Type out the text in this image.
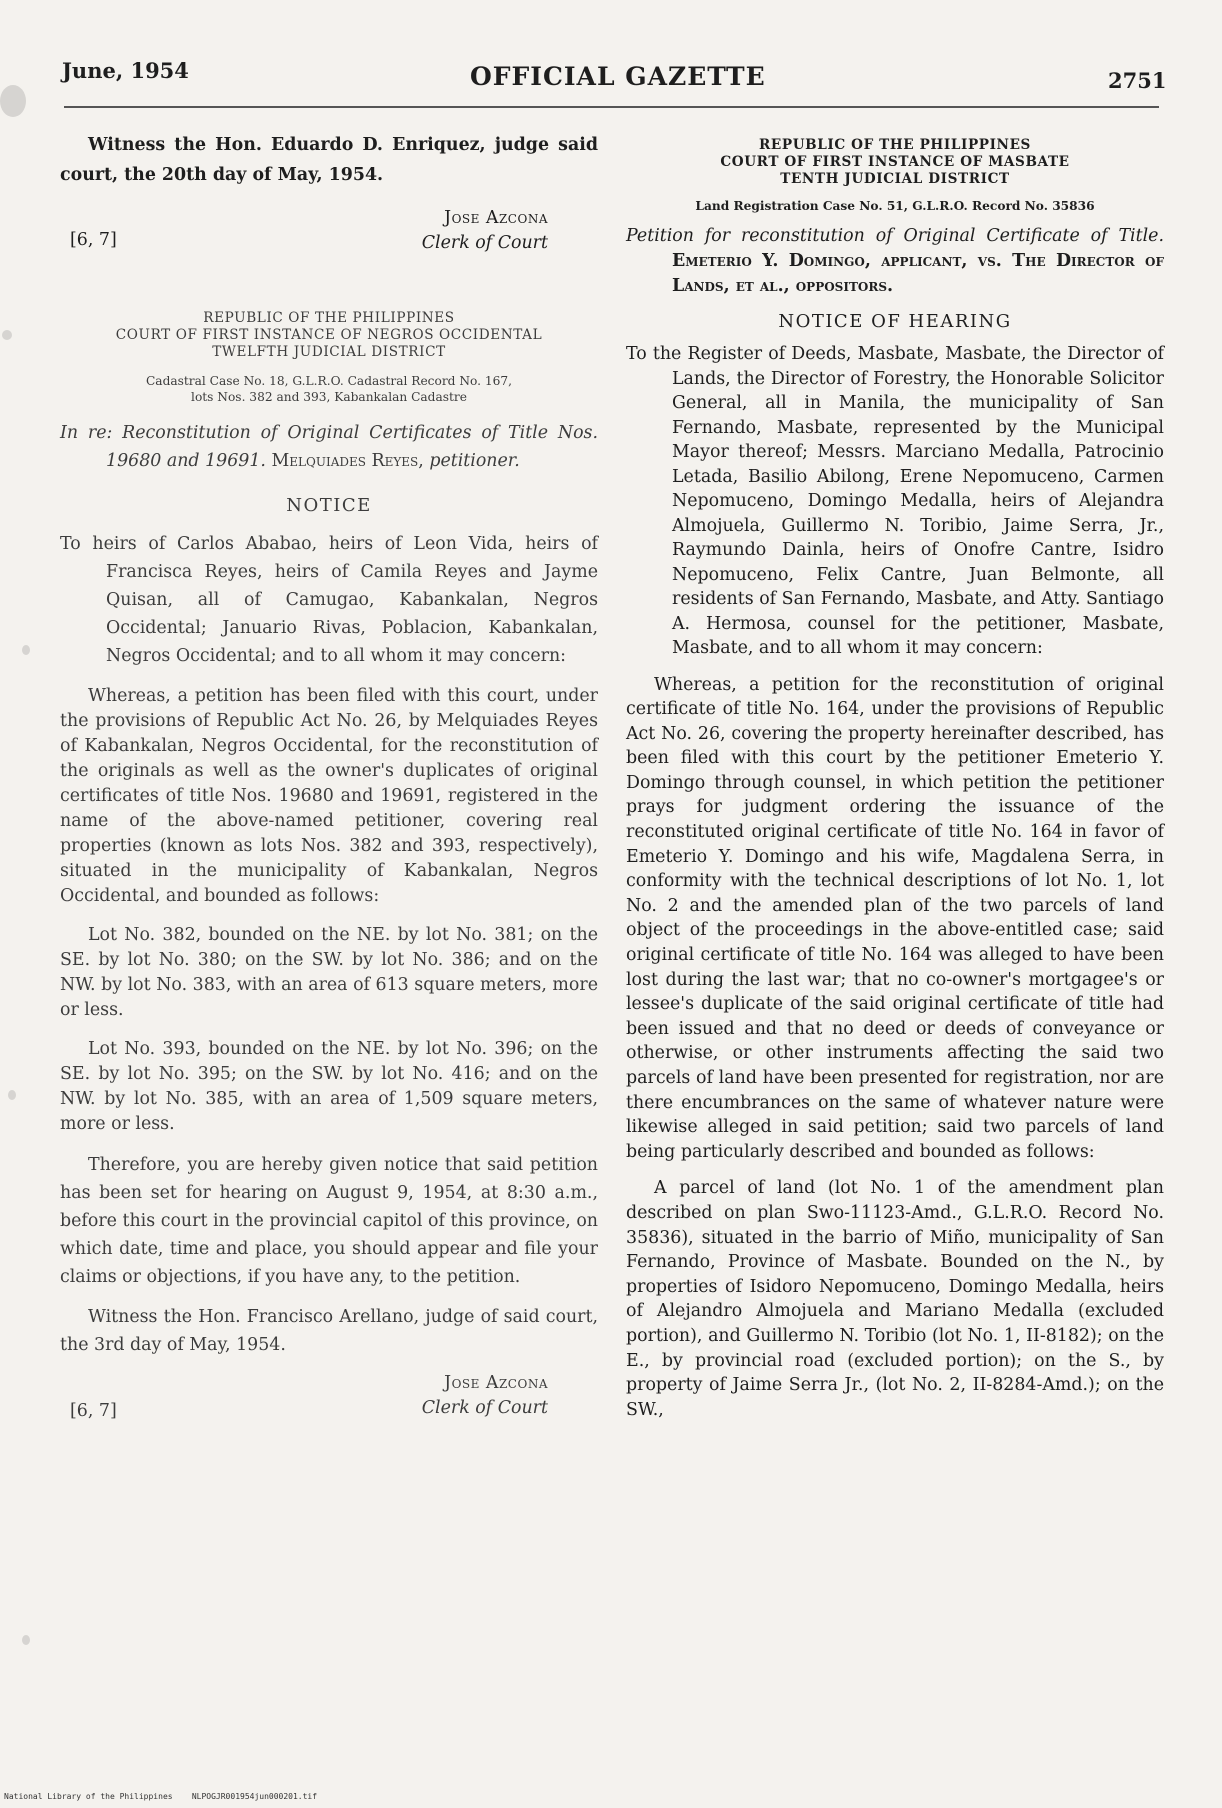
June, 1954	OFFICIAL GAZETTE	2751

Witness the Hon. Eduardo D. Enriquez, judge said court, the 20th day of May, 1954.

[6, 7]
Jose Azcona
Clerk of Court
REPUBLIC OF THE PHILIPPINES
COURT OF FIRST INSTANCE OF NEGROS OCCIDENTAL
TWELFTH JUDICIAL DISTRICT
Cadastral Case No. 18, G.L.R.O. Cadastral Record No. 167,
lots Nos. 382 and 393, Kabankalan Cadastre

In re: Reconstitution of Original Certificates of Title Nos. 19680 and 19691. Melquiades Reyes, petitioner.

NOTICE

To heirs of Carlos Ababao, heirs of Leon Vida, heirs of Francisca Reyes, heirs of Camila Reyes and Jayme Quisan, all of Camugao, Kabankalan, Negros Occidental; Januario Rivas, Poblacion, Kabankalan, Negros Occidental; and to all whom it may concern:

Whereas, a petition has been filed with this court, under the provisions of Republic Act No. 26, by Melquiades Reyes of Kabankalan, Negros Occidental, for the reconstitution of the originals as well as the owner's duplicates of original certificates of title Nos. 19680 and 19691, registered in the name of the above-named petitioner, covering real properties (known as lots Nos. 382 and 393, respectively), situated in the municipality of Kabankalan, Negros Occidental, and bounded as follows:

Lot No. 382, bounded on the NE. by lot No. 381; on the SE. by lot No. 380; on the SW. by lot No. 386; and on the NW. by lot No. 383, with an area of 613 square meters, more or less.

Lot No. 393, bounded on the NE. by lot No. 396; on the SE. by lot No. 395; on the SW. by lot No. 416; and on the NW. by lot No. 385, with an area of 1,509 square meters, more or less.

Therefore, you are hereby given notice that said petition has been set for hearing on August 9, 1954, at 8:30 a.m., before this court in the provincial capitol of this province, on which date, time and place, you should appear and file your claims or objections, if you have any, to the petition.

Witness the Hon. Francisco Arellano, judge of said court, the 3rd day of May, 1954.

[6, 7]
Jose Azcona
Clerk of Court
REPUBLIC OF THE PHILIPPINES
COURT OF FIRST INSTANCE OF MASBATE
TENTH JUDICIAL DISTRICT
Land Registration Case No. 51, G.L.R.O. Record No. 35836

Petition for reconstitution of Original Certificate of Title. Emeterio Y. Domingo, applicant, vs. The Director of Lands, et al., oppositors.

NOTICE OF HEARING

To the Register of Deeds, Masbate, Masbate, the Director of Lands, the Director of Forestry, the Honorable Solicitor General, all in Manila, the municipality of San Fernando, Masbate, represented by the Municipal Mayor thereof; Messrs. Marciano Medalla, Patrocinio Letada, Basilio Abilong, Erene Nepomuceno, Carmen Nepomuceno, Domingo Medalla, heirs of Alejandra Almojuela, Guillermo N. Toribio, Jaime Serra, Jr., Raymundo Dainla, heirs of Onofre Cantre, Isidro Nepomuceno, Felix Cantre, Juan Belmonte, all residents of San Fernando, Masbate, and Atty. Santiago A. Hermosa, counsel for the petitioner, Masbate, Masbate, and to all whom it may concern:

Whereas, a petition for the reconstitution of original certificate of title No. 164, under the provisions of Republic Act No. 26, covering the property hereinafter described, has been filed with this court by the petitioner Emeterio Y. Domingo through counsel, in which petition the petitioner prays for judgment ordering the issuance of the reconstituted original certificate of title No. 164 in favor of Emeterio Y. Domingo and his wife, Magdalena Serra, in conformity with the technical descriptions of lot No. 1, lot No. 2 and the amended plan of the two parcels of land object of the proceedings in the above-entitled case; said original certificate of title No. 164 was alleged to have been lost during the last war; that no co-owner's mortgagee's or lessee's duplicate of the said original certificate of title had been issued and that no deed or deeds of conveyance or otherwise, or other instruments affecting the said two parcels of land have been presented for registration, nor are there encumbrances on the same of whatever nature were likewise alleged in said petition; said two parcels of land being particularly described and bounded as follows:

A parcel of land (lot No. 1 of the amendment plan described on plan Swo-11123-Amd., G.L.R.O. Record No. 35836), situated in the barrio of Miño, municipality of San Fernando, Province of Masbate. Bounded on the N., by properties of Isidoro Nepomuceno, Domingo Medalla, heirs of Alejandro Almojuela and Mariano Medalla (excluded portion), and Guillermo N. Toribio (lot No. 1, II-8182); on the E., by provincial road (excluded portion); on the S., by property of Jaime Serra Jr., (lot No. 2, II-8284-Amd.); on the SW.,

National Library of the Philippines    NLPOGJR001954jun000201.tif
